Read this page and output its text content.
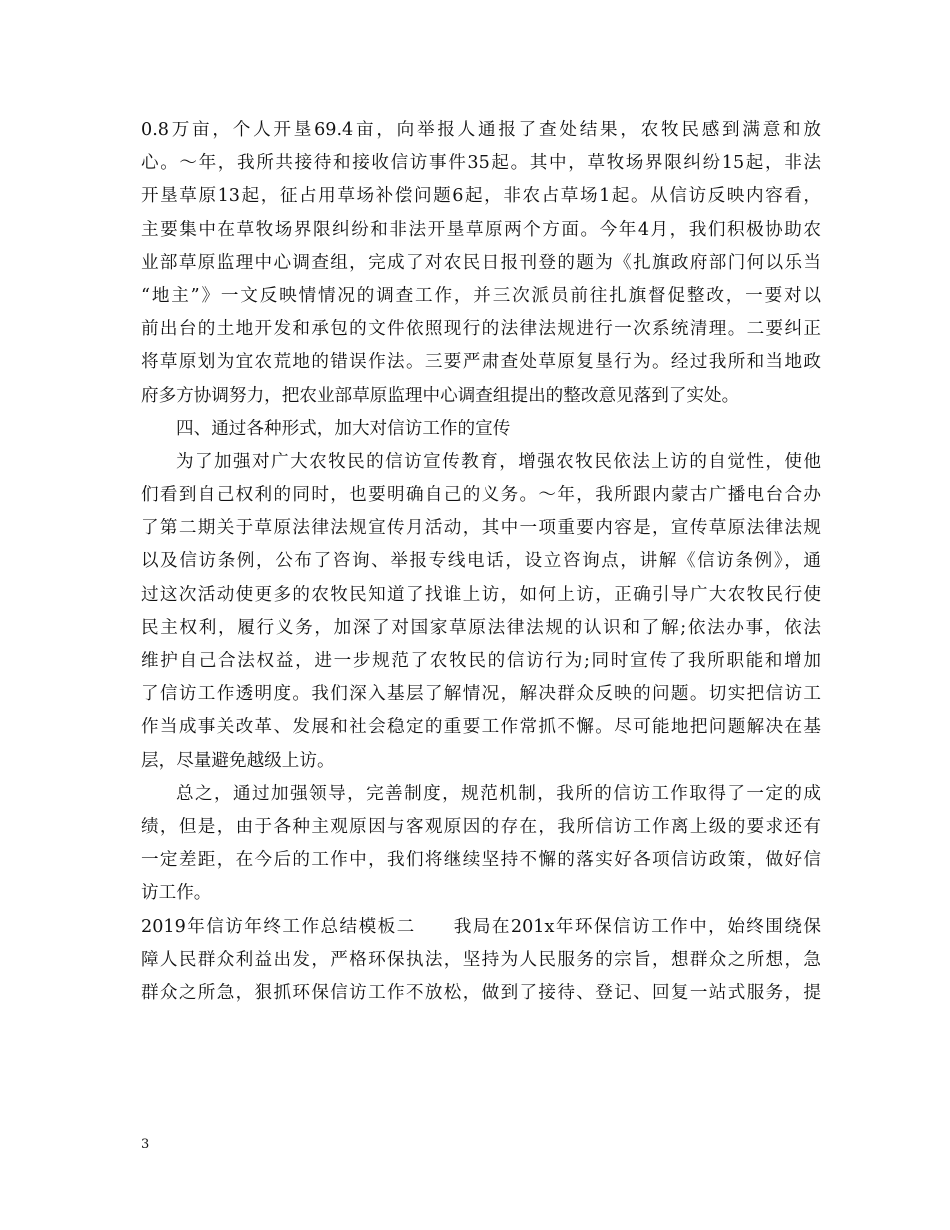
0.8万亩，个人开垦69.4亩，向举报人通报了查处结果，农牧民感到满意和放
心。～年，我所共接待和接收信访事件35起。其中，草牧场界限纠纷15起，非法
开垦草原13起，征占用草场补偿问题6起，非农占草场1起。从信访反映内容看，
主要集中在草牧场界限纠纷和非法开垦草原两个方面。今年4月，我们积极协助农
业部草原监理中心调查组，完成了对农民日报刊登的题为《扎旗政府部门何以乐当
“地主”》一文反映情情况的调查工作，并三次派员前往扎旗督促整改，一要对以
前出台的土地开发和承包的文件依照现行的法律法规进行一次系统清理。二要纠正
将草原划为宜农荒地的错误作法。三要严肃查处草原复垦行为。经过我所和当地政
府多方协调努力，把农业部草原监理中心调查组提出的整改意见落到了实处。
四、通过各种形式，加大对信访工作的宣传
为了加强对广大农牧民的信访宣传教育，增强农牧民依法上访的自觉性，使他
们看到自己权利的同时，也要明确自己的义务。～年，我所跟内蒙古广播电台合办
了第二期关于草原法律法规宣传月活动，其中一项重要内容是，宣传草原法律法规
以及信访条例，公布了咨询、举报专线电话，设立咨询点，讲解《信访条例》，通
过这次活动使更多的农牧民知道了找谁上访，如何上访，正确引导广大农牧民行使
民主权利，履行义务，加深了对国家草原法律法规的认识和了解;依法办事，依法
维护自己合法权益，进一步规范了农牧民的信访行为;同时宣传了我所职能和增加
了信访工作透明度。我们深入基层了解情况，解决群众反映的问题。切实把信访工
作当成事关改革、发展和社会稳定的重要工作常抓不懈。尽可能地把问题解决在基
层，尽量避免越级上访。
总之，通过加强领导，完善制度，规范机制，我所的信访工作取得了一定的成
绩，但是，由于各种主观原因与客观原因的存在，我所信访工作离上级的要求还有
一定差距，在今后的工作中，我们将继续坚持不懈的落实好各项信访政策，做好信
访工作。
2019年信访年终工作总结模板二　　我局在201x年环保信访工作中，始终围绕保
障人民群众利益出发，严格环保执法，坚持为人民服务的宗旨，想群众之所想，急
群众之所急，狠抓环保信访工作不放松，做到了接待、登记、回复一站式服务，提
3
